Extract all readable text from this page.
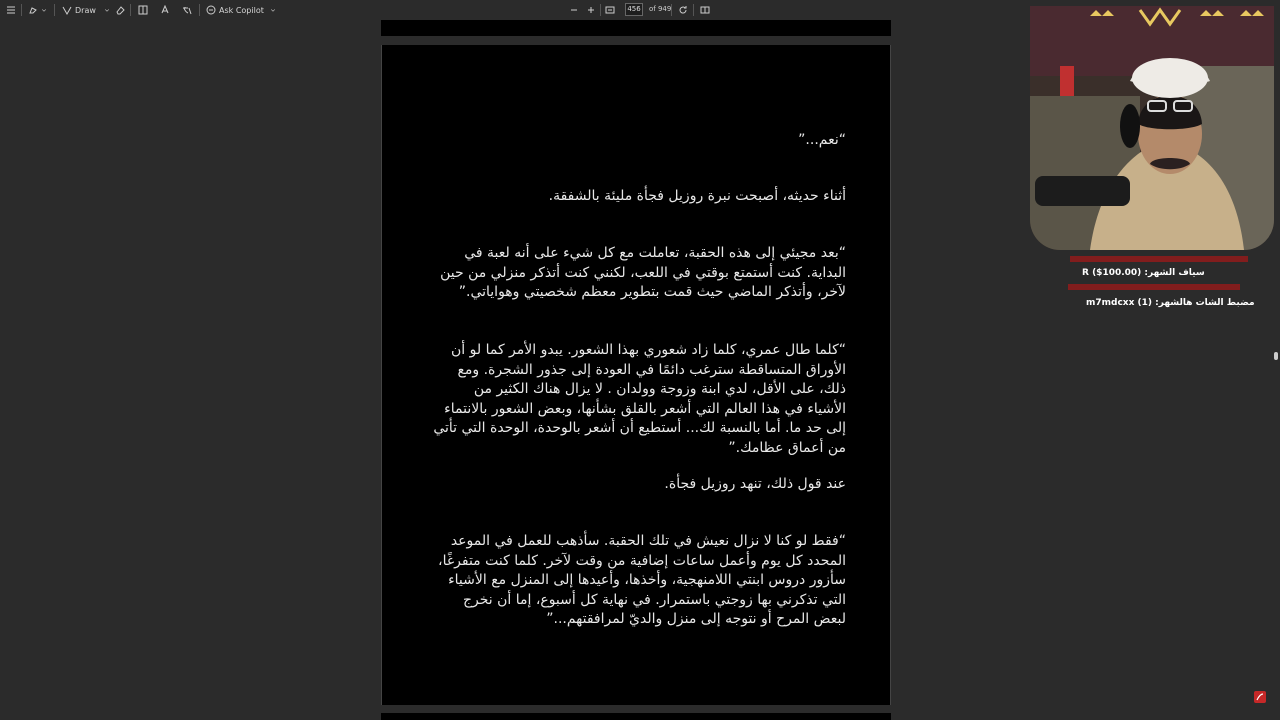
Draw	Ask Copilot	456	of 949
“نعم...”
أثناء حديثه، أصبحت نبرة روزيل فجأة مليئة بالشفقة.
“بعد مجيئي إلى هذه الحقبة، تعاملت مع كل شيء على أنه لعبة في البداية. كنت أستمتع بوقتي في اللعب، لكنني كنت أتذكر منزلي من حين لآخر، وأتذكر الماضي حيث قمت بتطوير معظم شخصيتي وهواياتي.”
“كلما طال عمري، كلما زاد شعوري بهذا الشعور. يبدو الأمر كما لو أن الأوراق المتساقطة سترغب دائمًا في العودة إلى جذور الشجرة. ومع ذلك، على الأقل، لدي ابنة وزوجة وولدان . لا يزال هناك الكثير من الأشياء في هذا العالم التي أشعر بالقلق بشأنها، وبعض الشعور بالانتماء إلى حد ما. أما بالنسبة لك... أستطيع أن أشعر بالوحدة، الوحدة التي تأتي من أعماق عظامك.”
عند قول ذلك، تنهد روزيل فجأة.
“فقط لو كنا لا نزال نعيش في تلك الحقبة. سأذهب للعمل في الموعد المحدد كل يوم وأعمل ساعات إضافية من وقت لآخر. كلما كنت متفرغًا، سأزور دروس ابنتي اللامنهجية، وأخذها، وأعيدها إلى المنزل مع الأشياء التي تذكرني بها زوجتي باستمرار. في نهاية كل أسبوع، إما أن نخرج لبعض المرح أو نتوجه إلى منزل والديّ لمرافقتهم...”
سياف الشهر: (R ($100.00
مضبط الشات هالشهر: (1) m7mdcxx
